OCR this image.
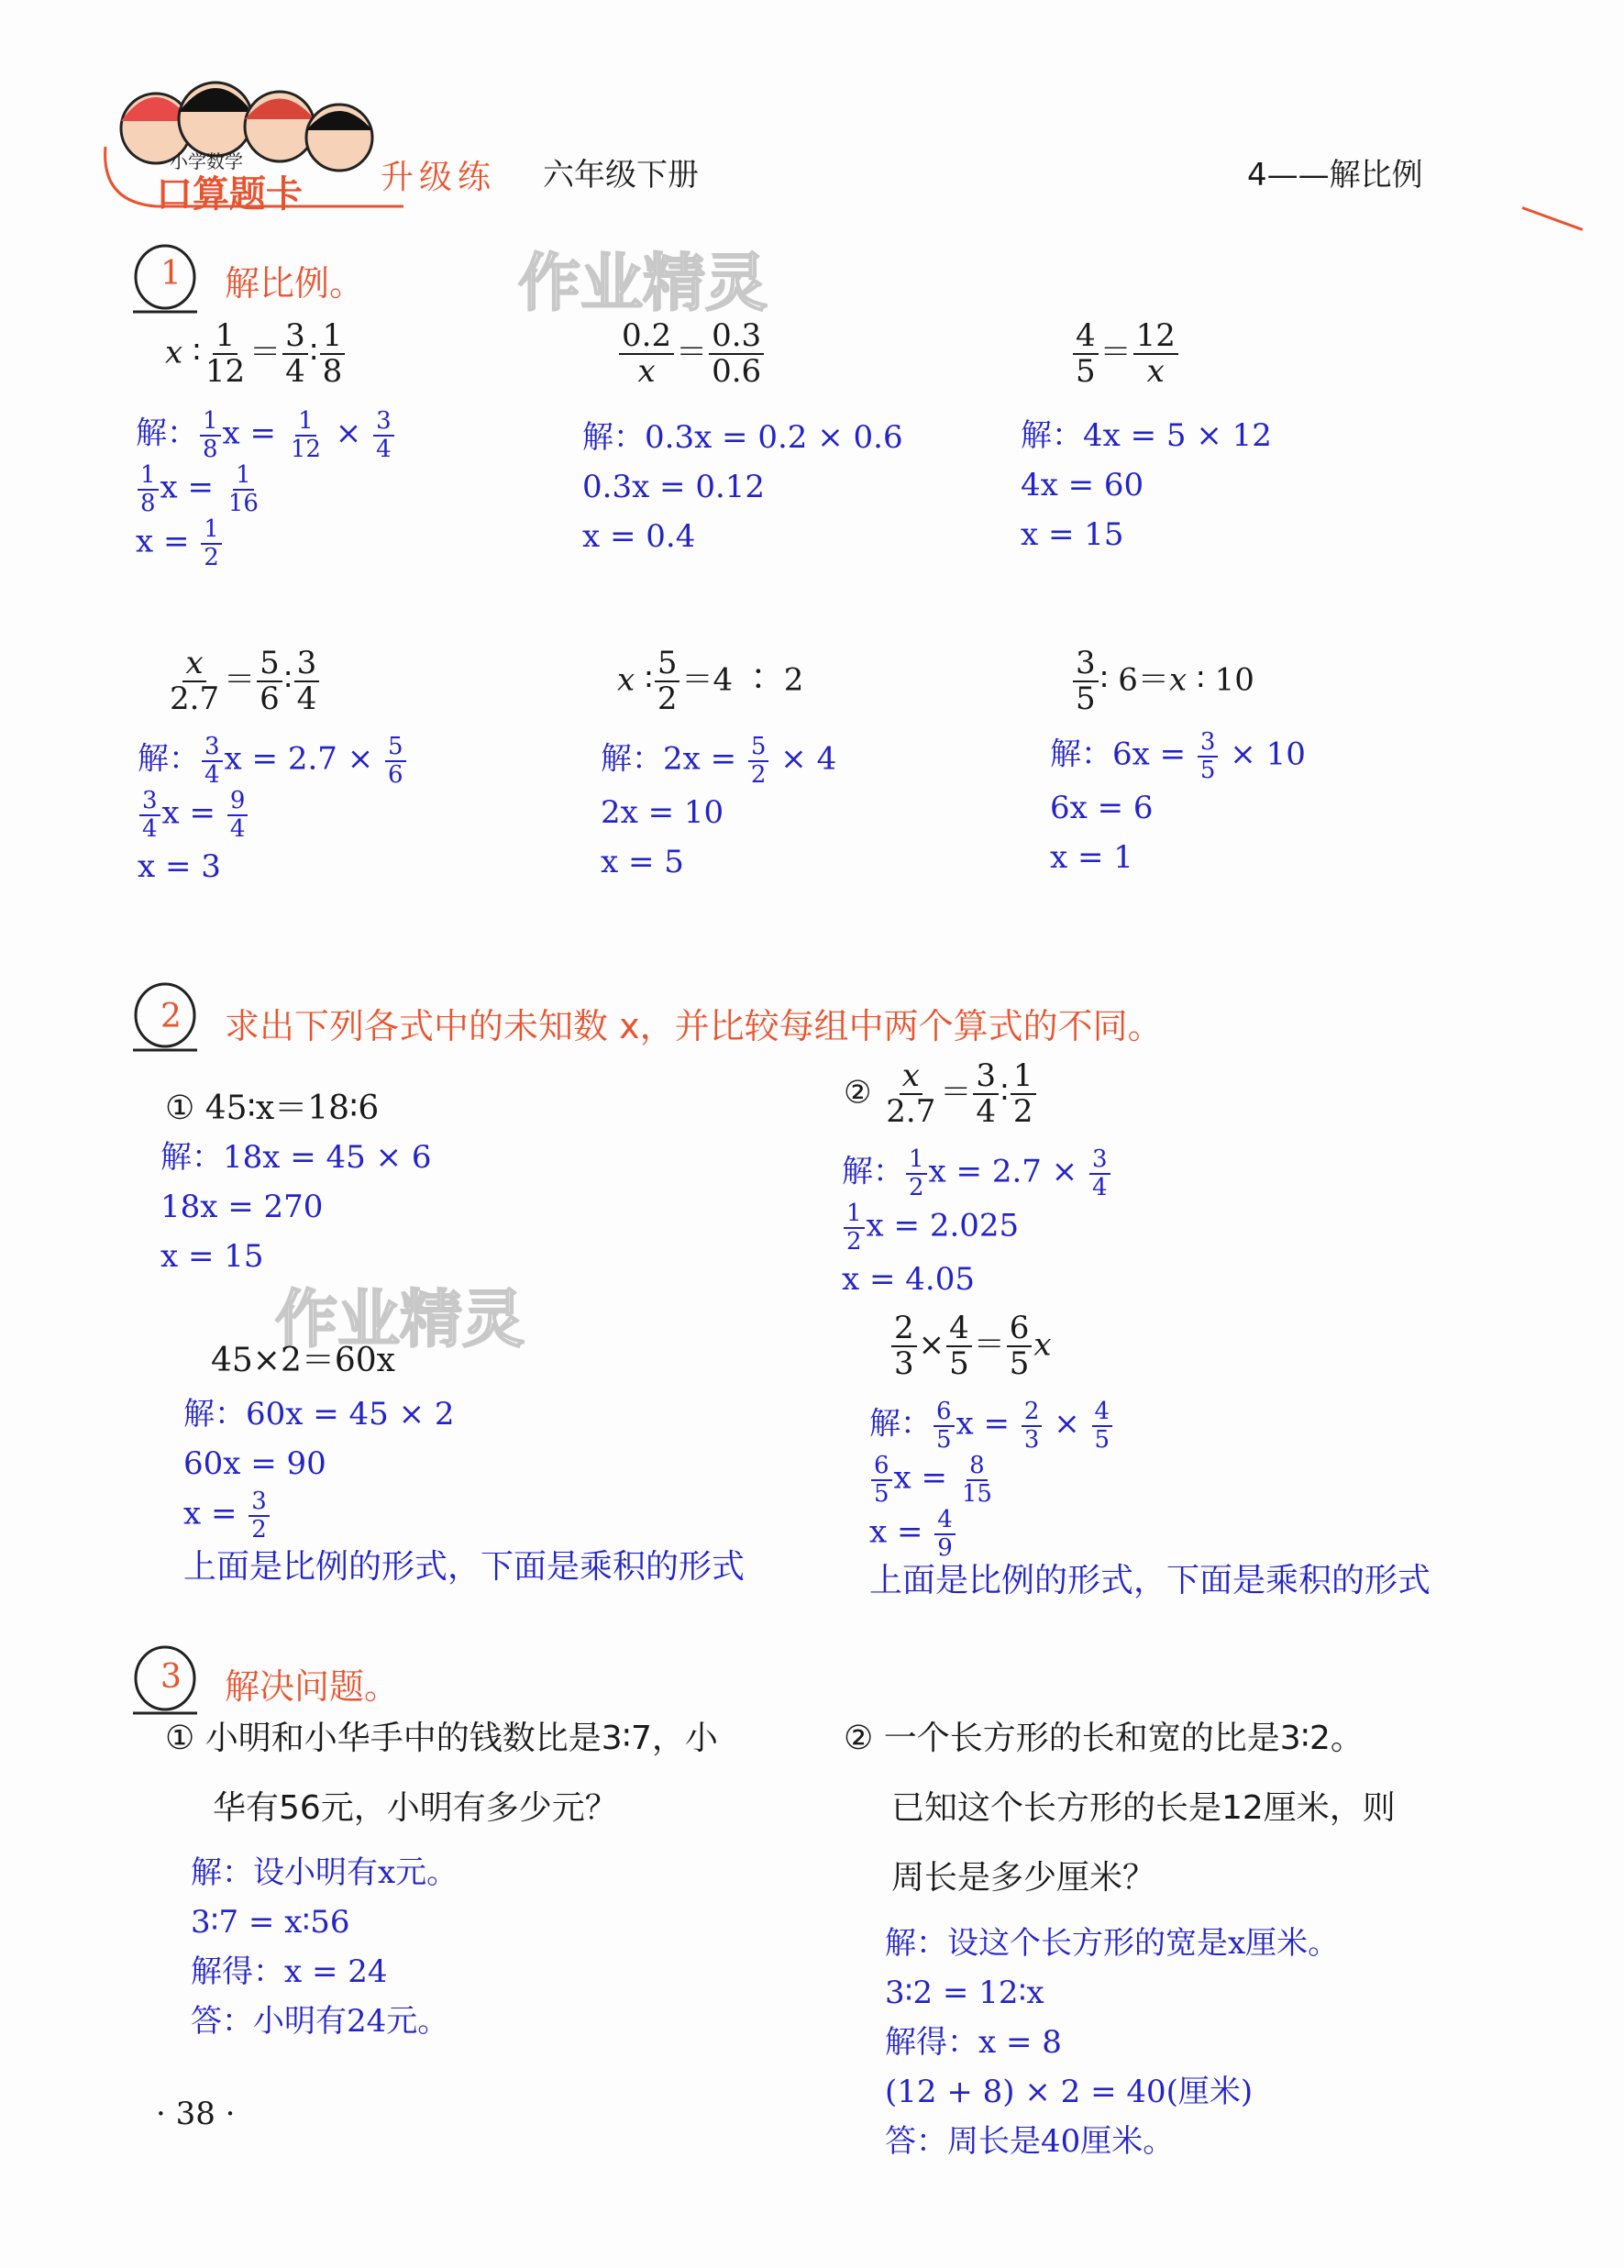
小学数学
口算题卡 升级练 六年级下册	4——解比例
1 解比例。 作业精灵
x ∶ $\frac{1}{12} = \frac{3}{4}$ ∶ $\frac{1}{8}$
解： $\frac{1}{8}$ $x = \frac{1}{12} \times \frac{3}{4}$
$\frac{1}{8}$ $x = \frac{1}{16}$
$x = \frac{1}{2}$
$\frac{0.2}{x} = \frac{0.3}{0.6}$
解：0.3x = 0.2 × 0.6
0.3x = 0.12
x = 0.4
$\frac{4}{5} = \frac{12}{x}$
解：4x = 5 × 12
4x = 60
x = 15
$\frac{x}{2.7} = \frac{5}{6}$ ∶ $\frac{3}{4}$
解： $\frac{3}{4}$ $x = 2.7 \times \frac{5}{6}$
$\frac{3}{4}$ $x = \frac{9}{4}$
x = 3
x ∶ $\frac{5}{2} =4$ ∶ 2
解：$2x = \frac{5}{2} \times 4$
2x = 10
x = 5
$\frac{3}{5}$ ∶ 6＝x ∶ 10
解：$6x = \frac{3}{5} \times 10$
6x = 6
x = 1
2 求出下列各式中的未知数 x，并比较每组中两个算式的不同。
① 45∶x＝18∶6
解：18x = 45 × 6
18x = 270
x = 15
作业精灵
45×2＝60x
解：60x = 45 × 2
60x = 90
$x = \frac{3}{2}$
上面是比例的形式，下面是乘积的形式
② $\frac{x}{2.7} = \frac{3}{4}$ ∶ $\frac{1}{2}$
解： $\frac{1}{2}$ $x = 2.7 \times \frac{3}{4}$
$\frac{1}{2}$ x = 2.025
x = 4.05
$\frac{2}{3} \times \frac{4}{5} = \frac{6}{5}$ x
解： $\frac{6}{5}$ $x = \frac{2}{3} \times \frac{4}{5}$
$\frac{6}{5}$ $x = \frac{8}{15}$
$x = \frac{4}{9}$
上面是比例的形式，下面是乘积的形式
3 解决问题。
① 小明和小华手中的钱数比是3∶7，小
华有56元，小明有多少元？
解：设小明有x元。
3∶7 = x∶56
解得：x = 24
答：小明有24元。
② 一个长方形的长和宽的比是3∶2。
已知这个长方形的长是12厘米，则
周长是多少厘米？
解：设这个长方形的宽是x厘米。
3∶2 = 12∶x
解得：x = 8
(12 + 8) × 2 = 40(厘米)
答：周长是40厘米。
· 38 ·
